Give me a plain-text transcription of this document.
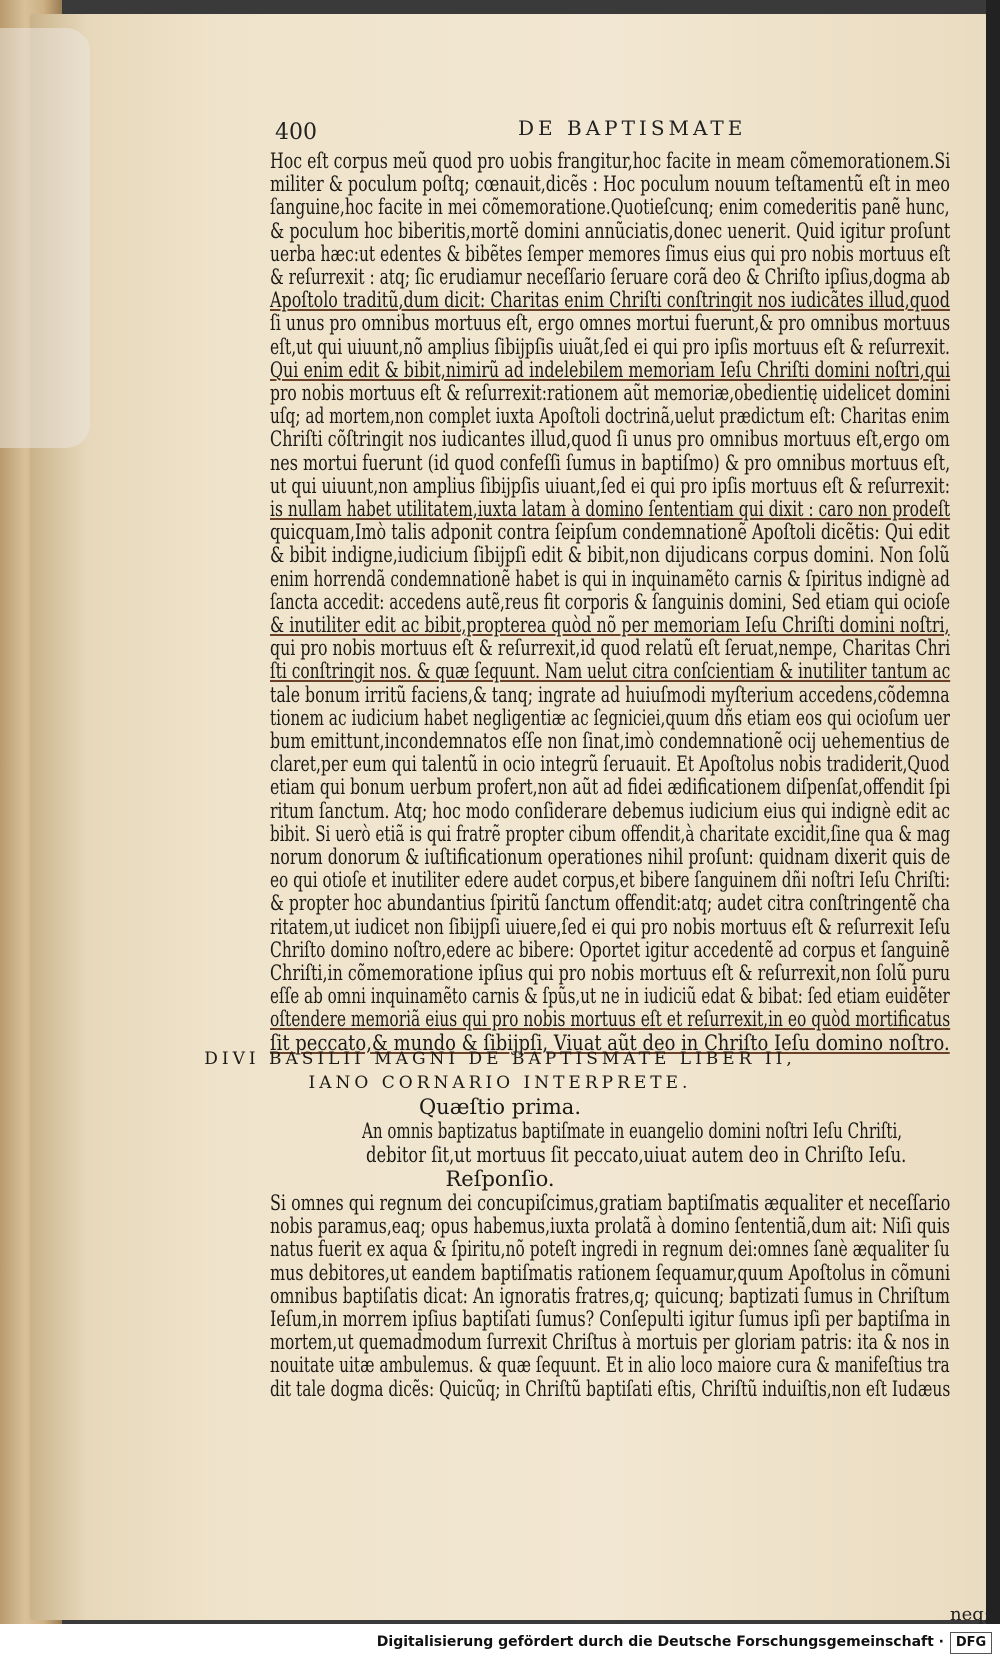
400	DE BAPTISMATE
Hoc eſt corpus meũ quod pro uobis frangitur,hoc facite in meam cõmemorationem.Si
militer & poculum poſtq; cœnauit,dicẽs : Hoc poculum nouum teſtamentũ eſt in meo
ſanguine,hoc facite in mei cõmemoratione.Quotieſcunq; enim comederitis panẽ hunc,
& poculum hoc biberitis,mortẽ domini annũciatis,donec uenerit. Quid igitur proſunt
uerba hæc:ut edentes & bibẽtes ſemper memores ſimus eius qui pro nobis mortuus eſt
& reſurrexit : atq; ſic erudiamur neceſſario ſeruare corã deo & Chriſto ipſius,dogma ab
Apoſtolo traditũ,dum dicit: Charitas enim Chriſti conſtringit nos iudicãtes illud,quod
ſi unus pro omnibus mortuus eſt, ergo omnes mortui fuerunt,& pro omnibus mortuus
eſt,ut qui uiuunt,nõ amplius ſibijpſis uiuãt,ſed ei qui pro ipſis mortuus eſt & reſurrexit.
Qui enim edit & bibit,nimirũ ad indelebilem memoriam Ieſu Chriſti domini noſtri,qui
pro nobis mortuus eſt & reſurrexit:rationem aũt memoriæ,obedientię uidelicet domini
uſq; ad mortem,non complet iuxta Apoſtoli doctrinã,uelut prædictum eſt: Charitas enim
Chriſti cõſtringit nos iudicantes illud,quod ſi unus pro omnibus mortuus eſt,ergo om
nes mortui fuerunt (id quod confeſſi ſumus in baptiſmo) & pro omnibus mortuus eſt,
ut qui uiuunt,non amplius ſibijpſis uiuant,ſed ei qui pro ipſis mortuus eſt & reſurrexit:
is nullam habet utilitatem,iuxta latam à domino ſententiam qui dixit : caro non prodeſt
quicquam,Imò talis adponit contra ſeipſum condemnationẽ Apoſtoli dicẽtis: Qui edit
& bibit indigne,iudicium ſibijpſi edit & bibit,non dijudicans corpus domini. Non ſolũ
enim horrendã condemnationẽ habet is qui in inquinamẽto carnis & ſpiritus indignè ad
ſancta accedit: accedens autẽ,reus fit corporis & ſanguinis domini, Sed etiam qui ocioſe
& inutiliter edit ac bibit,propterea quòd nõ per memoriam Ieſu Chriſti domini noſtri,
qui pro nobis mortuus eſt & reſurrexit,id quod relatũ eſt ſeruat,nempe, Charitas Chri
ſti conſtringit nos. & quæ ſequunt. Nam uelut citra conſcientiam & inutiliter tantum ac
tale bonum irritũ faciens,& tanq; ingrate ad huiuſmodi myſterium accedens,cõdemna
tionem ac iudicium habet negligentiæ ac ſegniciei,quum dñs etiam eos qui ocioſum uer
bum emittunt,incondemnatos eſſe non ſinat,imò condemnationẽ ocij uehementius de
claret,per eum qui talentũ in ocio integrũ ſeruauit. Et Apoſtolus nobis tradiderit,Quod
etiam qui bonum uerbum profert,non aũt ad fidei ædificationem diſpenſat,offendit ſpi
ritum ſanctum. Atq; hoc modo conſiderare debemus iudicium eius qui indignè edit ac
bibit. Si uerò etiã is qui fratrẽ propter cibum offendit,à charitate excidit,ſine qua & mag
norum donorum & iuſtificationum operationes nihil proſunt: quidnam dixerit quis de
eo qui otioſe et inutiliter edere audet corpus,et bibere ſanguinem dñi noſtri Ieſu Chriſti:
& propter hoc abundantius ſpiritũ ſanctum offendit:atq; audet citra conſtringentẽ cha
ritatem,ut iudicet non ſibijpſi uiuere,ſed ei qui pro nobis mortuus eſt & reſurrexit Ieſu
Chriſto domino noſtro,edere ac bibere: Oportet igitur accedentẽ ad corpus et ſanguinẽ
Chriſti,in cõmemoratione ipſius qui pro nobis mortuus eſt & reſurrexit,non ſolũ puru
eſſe ab omni inquinamẽto carnis & ſpũs,ut ne in iudiciũ edat & bibat: ſed etiam euidẽter
oſtendere memoriã eius qui pro nobis mortuus eſt et reſurrexit,in eo quòd mortificatus
ſit peccato,& mundo & ſibijpſi, Viuat aũt deo in Chriſto Ieſu domino noſtro.

DIVI BASILII MAGNI DE BAPTISMATE LIBER II,
IANO CORNARIO INTERPRETE.
Quæſtio prima.
An omnis baptizatus baptiſmate in euangelio domini noſtri Ieſu Chriſti,
debitor ſit,ut mortuus ſit peccato,uiuat autem deo in Chriſto Ieſu.
Reſponſio.
Si omnes qui regnum dei concupiſcimus,gratiam baptiſmatis æqualiter et neceſſario
nobis paramus,eaq; opus habemus,iuxta prolatã à domino ſententiã,dum ait: Niſi quis
natus fuerit ex aqua & ſpiritu,nõ poteſt ingredi in regnum dei:omnes ſanè æqualiter ſu
mus debitores,ut eandem baptiſmatis rationem ſequamur,quum Apoſtolus in cõmuni
omnibus baptiſatis dicat: An ignoratis fratres,q; quicunq; baptizati ſumus in Chriſtum
Ieſum,in morrem ipſius baptiſati ſumus? Conſepulti igitur ſumus ipſi per baptiſma in
mortem,ut quemadmodum ſurrexit Chriſtus à mortuis per gloriam patris: ita & nos in
nouitate uitæ ambulemus. & quæ ſequunt. Et in alio loco maiore cura & manifeſtius tra
dit tale dogma dicẽs: Quicũq; in Chriſtũ baptiſati eſtis, Chriſtũ induiſtis,non eſt Iudæus
neq;
Digitalisierung gefördert durch die Deutsche Forschungsgemeinschaft · DFG
